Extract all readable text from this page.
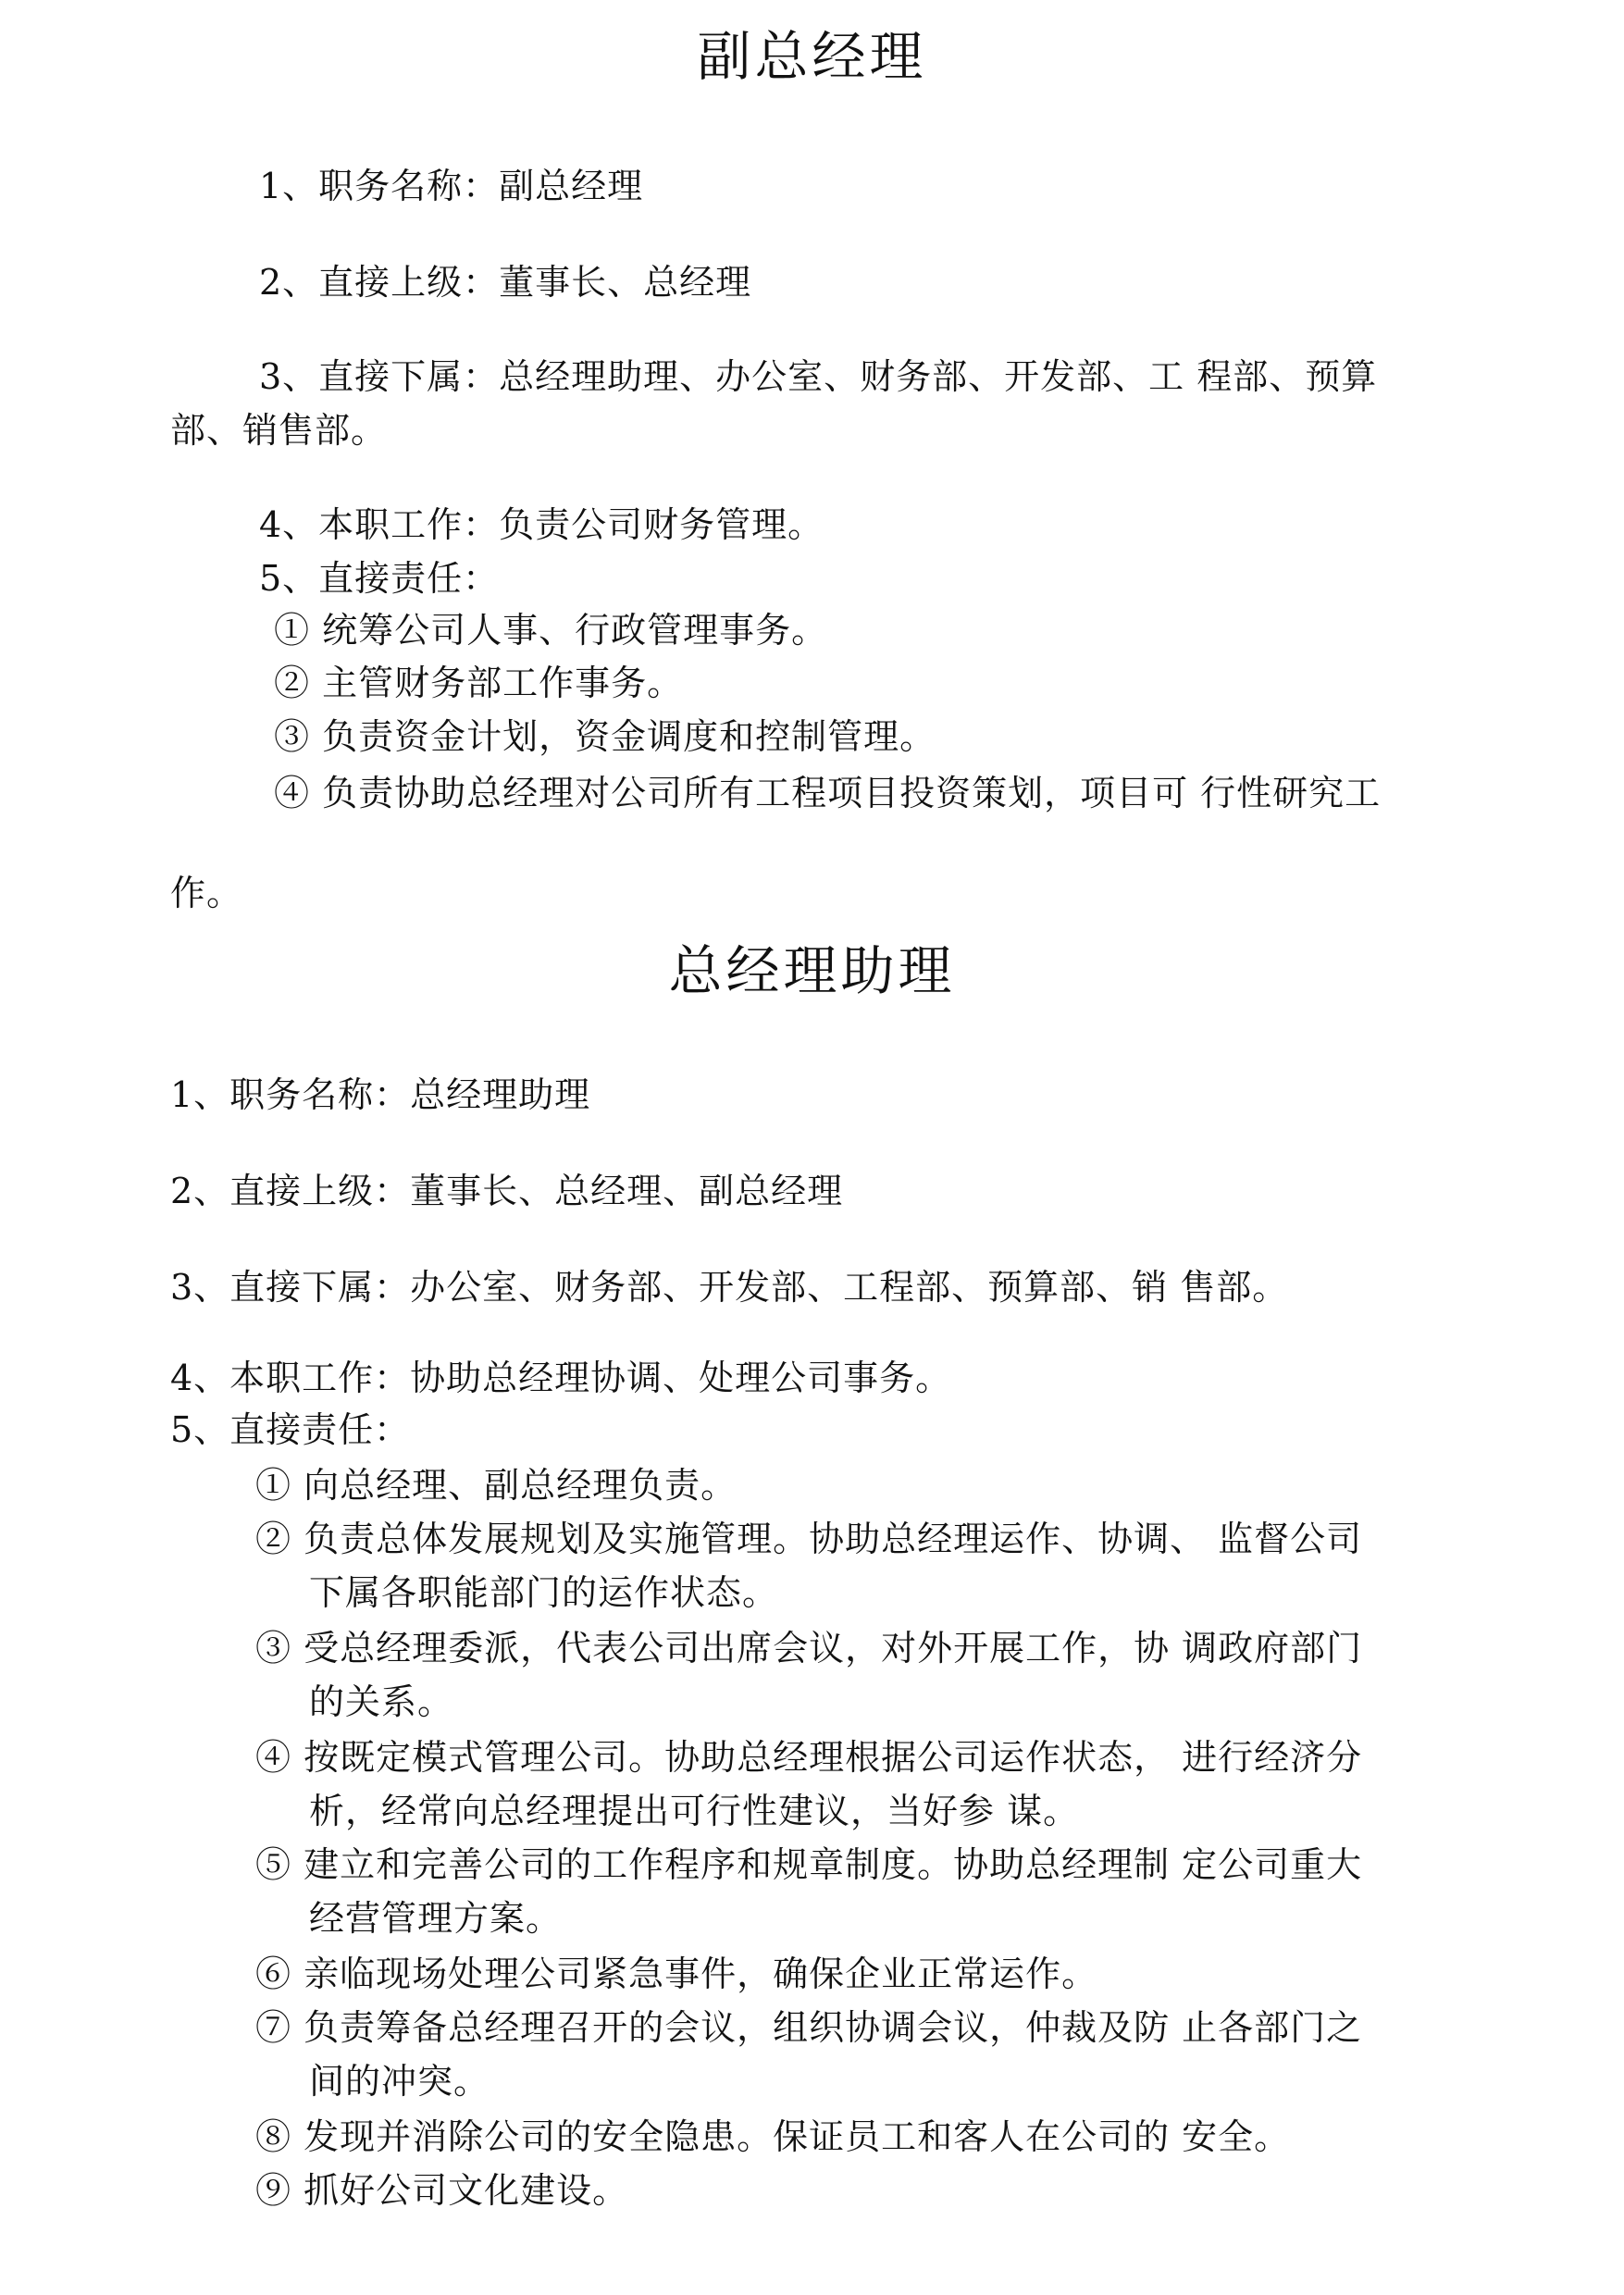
副总经理
1、职务名称：副总经理
2、直接上级：董事长、总经理
3、直接下属：总经理助理、办公室、财务部、开发部、工 程部、预算
部、销售部。
4、本职工作：负责公司财务管理。
5、直接责任：
① 统筹公司人事、行政管理事务。
② 主管财务部工作事务。
③ 负责资金计划，资金调度和控制管理。
④ 负责协助总经理对公司所有工程项目投资策划，项目可 行性研究工
作。
总经理助理
1、职务名称：总经理助理
2、直接上级：董事长、总经理、副总经理
3、直接下属：办公室、财务部、开发部、工程部、预算部、销 售部。
4、本职工作：协助总经理协调、处理公司事务。
5、直接责任：
① 向总经理、副总经理负责。
② 负责总体发展规划及实施管理。协助总经理运作、协调、 监督公司
下属各职能部门的运作状态。
③ 受总经理委派，代表公司出席会议，对外开展工作，协 调政府部门
的关系。
④ 按既定模式管理公司。协助总经理根据公司运作状态， 进行经济分
析，经常向总经理提出可行性建议，当好参 谋。
⑤ 建立和完善公司的工作程序和规章制度。协助总经理制 定公司重大
经营管理方案。
⑥ 亲临现场处理公司紧急事件，确保企业正常运作。
⑦ 负责筹备总经理召开的会议，组织协调会议，仲裁及防 止各部门之
间的冲突。
⑧ 发现并消除公司的安全隐患。保证员工和客人在公司的 安全。
⑨ 抓好公司文化建设。
